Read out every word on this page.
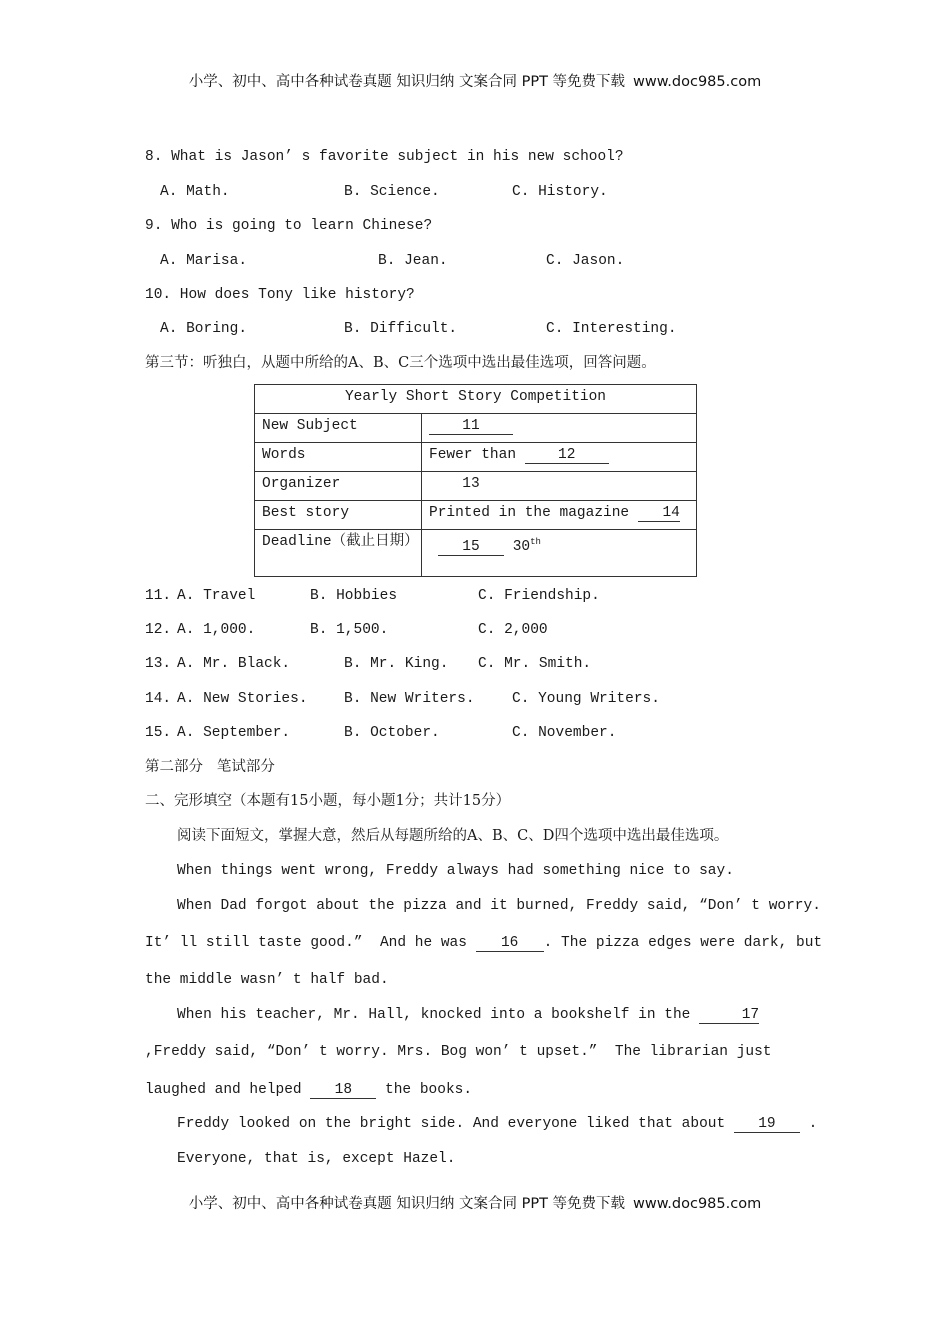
小学、初中、高中各种试卷真题 知识归纳 文案合同 PPT 等免费下载 www.doc985.com
8. What is Jason’ s favorite subject in his new school?
A. Math.	B. Science.	C. History.
9. Who is going to learn Chinese?
A. Marisa.	B. Jean.	C. Jason.
10. How does Tony like history?
A. Boring.	B. Difficult.	C. Interesting.
第三节：听独白，从题中所给的A、B、C三个选项中选出最佳选项，回答问题。
Yearly Short Story Competition	
New Subject	11
Words	Fewer than 12
Organizer	13
Best story	Printed in the magazine 14
Deadline（截止日期）	15 30th
11. A. Travel	B. Hobbies	C. Friendship.
12. A. 1,000.	B. 1,500.	C. 2,000
13. A. Mr. Black.	B. Mr. King. C. Mr. Smith.
14. A. New Stories.	B. New Writers.	C. Young Writers.
15. A. September.	B. October.	C. November.
第二部分   笔试部分
二、完形填空（本题有15小题，每小题1分；共计15分）
阅读下面短文，掌握大意，然后从每题所给的A、B、C、D四个选项中选出最佳选项。
When things went wrong, Freddy always had something nice to say.
When Dad forgot about the pizza and it burned, Freddy said, “Don’ t worry.
It’ ll still taste good.”  And he was 16 . The pizza edges were dark, but
the middle wasn’ t half bad.
When his teacher, Mr. Hall, knocked into a bookshelf in the	17
,Freddy said, “Don’ t worry. Mrs. Bog won’ t upset.”  The librarian just
laughed and helped 18 the books.
Freddy looked on the bright side. And everyone liked that about 19 .
Everyone, that is, except Hazel.
小学、初中、高中各种试卷真题 知识归纳 文案合同 PPT 等免费下载 www.doc985.com
